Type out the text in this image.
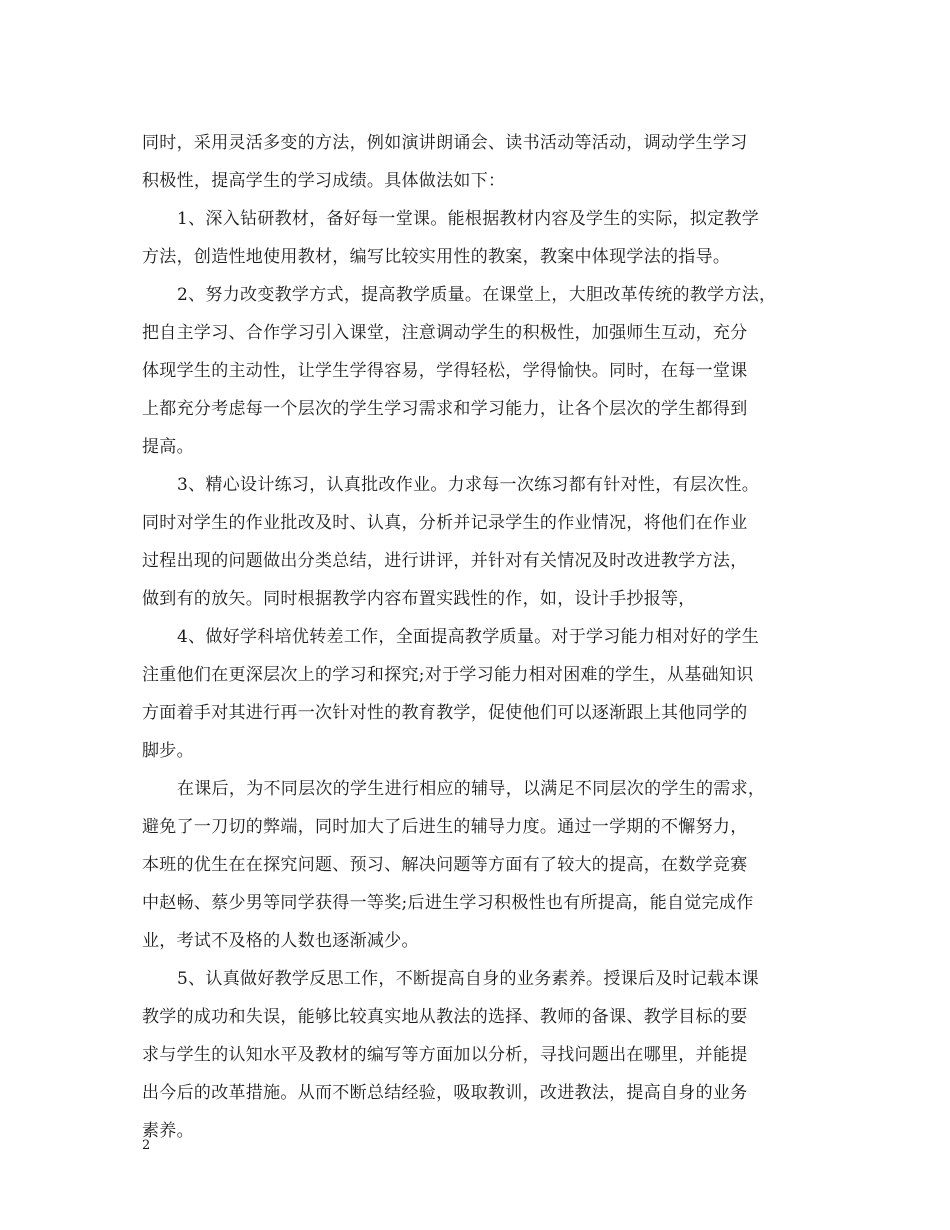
同时，采用灵活多变的方法，例如演讲朗诵会、读书活动等活动，调动学生学习
积极性，提高学生的学习成绩。具体做法如下：
1、深入钻研教材，备好每一堂课。能根据教材内容及学生的实际，拟定教学
方法，创造性地使用教材，编写比较实用性的教案，教案中体现学法的指导。
2、努力改变教学方式，提高教学质量。在课堂上，大胆改革传统的教学方法，
把自主学习、合作学习引入课堂，注意调动学生的积极性，加强师生互动，充分
体现学生的主动性，让学生学得容易，学得轻松，学得愉快。同时，在每一堂课
上都充分考虑每一个层次的学生学习需求和学习能力，让各个层次的学生都得到
提高。
3、精心设计练习，认真批改作业。力求每一次练习都有针对性，有层次性。
同时对学生的作业批改及时、认真，分析并记录学生的作业情况，将他们在作业
过程出现的问题做出分类总结，进行讲评，并针对有关情况及时改进教学方法，
做到有的放矢。同时根据教学内容布置实践性的作，如，设计手抄报等，
4、做好学科培优转差工作，全面提高教学质量。对于学习能力相对好的学生
注重他们在更深层次上的学习和探究;对于学习能力相对困难的学生，从基础知识
方面着手对其进行再一次针对性的教育教学，促使他们可以逐渐跟上其他同学的
脚步。
在课后，为不同层次的学生进行相应的辅导，以满足不同层次的学生的需求，
避免了一刀切的弊端，同时加大了后进生的辅导力度。通过一学期的不懈努力，
本班的优生在在探究问题、预习、解决问题等方面有了较大的提高，在数学竞赛
中赵畅、蔡少男等同学获得一等奖;后进生学习积极性也有所提高，能自觉完成作
业，考试不及格的人数也逐渐减少。
5、认真做好教学反思工作，不断提高自身的业务素养。授课后及时记载本课
教学的成功和失误，能够比较真实地从教法的选择、教师的备课、教学目标的要
求与学生的认知水平及教材的编写等方面加以分析，寻找问题出在哪里，并能提
出今后的改革措施。从而不断总结经验，吸取教训，改进教法，提高自身的业务
素养。
2
